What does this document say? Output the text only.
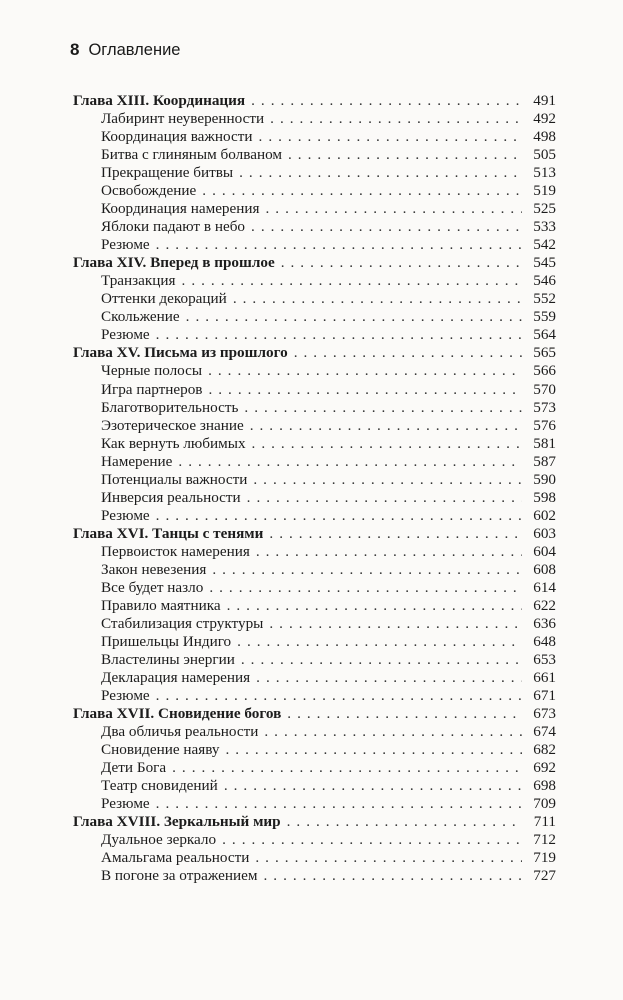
8 Оглавление
Глава XIII. Координация . . .	491
Лабиринт неуверенности . . .	492
Координация важности . . .	498
Битва с глиняным болваном . . .	505
Прекращение битвы . . .	513
Освобождение . . .	519
Координация намерения . . .	525
Яблоки падают в небо . . .	533
Резюме . . .	542
Глава XIV. Вперед в прошлое . . .	545
Транзакция . . .	546
Оттенки декораций . . .	552
Скольжение . . .	559
Резюме . . .	564
Глава XV. Письма из прошлого . . .	565
Черные полосы . . .	566
Игра партнеров . . .	570
Благотворительность . . .	573
Эзотерическое знание . . .	576
Как вернуть любимых . . .	581
Намерение . . .	587
Потенциалы важности . . .	590
Инверсия реальности . . .	598
Резюме . . .	602
Глава XVI. Танцы с тенями . . .	603
Первоисток намерения . . .	604
Закон невезения . . .	608
Все будет назло . . .	614
Правило маятника . . .	622
Стабилизация структуры . . .	636
Пришельцы Индиго . . .	648
Властелины энергии . . .	653
Декларация намерения . . .	661
Резюме . . .	671
Глава XVII. Сновидение богов . . .	673
Два обличья реальности . . .	674
Сновидение наяву . . .	682
Дети Бога . . .	692
Театр сновидений . . .	698
Резюме . . .	709
Глава XVIII. Зеркальный мир . . .	711
Дуальное зеркало . . .	712
Амальгама реальности . . .	719
В погоне за отражением . . .	727
